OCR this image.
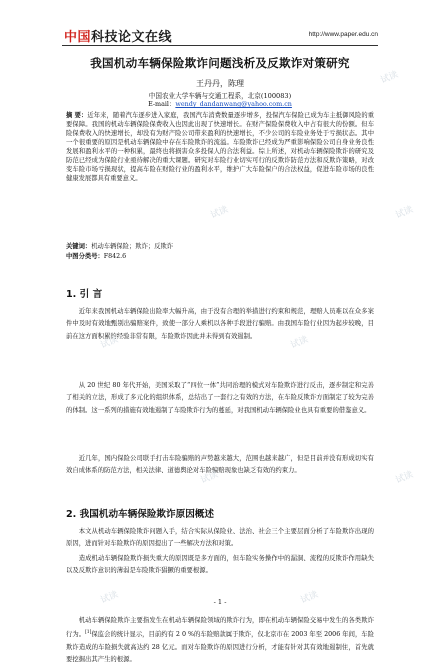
中国科技论文在线	http://www.paper.edu.cn
我国机动车辆保险欺诈问题浅析及反欺诈对策研究
王丹丹，陈理
中国农业大学车辆与交通工程系，北京(100083)
E-mail：wendy_dandanwang@yahoo.com.cn
摘 要：近年来，随着汽车逐步进入家庭，我国汽车消费数量逐步增多，投保汽车保险已成为车主抵御风险的重要保障。我国的机动车辆保险保费收入也因此出现了快速增长。在财产保险保费收入中占有很大的份额。但车险保费收入的快速增长，却没有为财产险公司带来盈利的快速增长，不少公司的车险业务处于亏损状态。其中一个很重要的原因是机动车辆保险中存在车险欺诈的流溢。车险欺诈已经成为严重影响保险公司自身业务良性发展和盈利水平的一种积累，最终也将损害众多投保人的合法利益。综上所述，对机动车辆保险欺诈的研究及防范已经成为保险行业亟待解决的重大课题。研究对车险行业切实可行的反欺诈防范方法和反欺诈策略，对改变车险市场亏损现状，提高车险在财险行业的盈利水平，维护广大车险保户的合法权益，促进车险市场的良性健康发展都具有重要意义。
关键词：机动车辆保险；欺诈；反欺诈
中图分类号：F842.6
1. 引 言
近年来我国机动车辆保险出险率大幅升高，由于没有合理的举措进行约束和规范，理赔人员难以在众多案件中及时有效地甄别出骗赔案件，致使一部分人乘机以各种手段进行骗赔。由我国车险行业因为起步较晚，目前在这方面积累的经验非常有限，车险欺诈因此并未得到有效遏制。
从 20 世纪 80 年代开始，美国采取了“四位一体”共同治理的模式对车险欺诈进行反击，逐步制定和完善了相关的立法，形成了多元化的组织体系，总结出了一套行之有效的方法，在车险反欺诈方面制定了较为完善的体制。这一系列的措施有效地遏制了车险欺诈行为的蔓延，对我国机动车辆保险业也具有重要的借鉴意义。
近几年，国内保险公司联手打击车险骗赔的声势越来越大，范围也越来越广，但是目前并没有形成切实有效自成体系的防范方法，相关法律、道德舆论对车险骗赔现象也缺乏有效的约束力。
本文从机动车辆保险欺诈问题入手，结合实际从保险业、法治、社会三个主要层面分析了车险欺诈出现的原因，进而针对车险欺诈的原因提出了一些解决方法和对策。
2. 我国机动车辆保险欺诈原因概述
机动车辆保险欺诈主要指发生在机动车辆保险领域的欺诈行为，即在机动车辆保险交易中发生的各类欺诈行为。[1]保监会的统计显示，目前约有 2 0 %的车险赔款属于欺诈，仅北京市在 2003 年至 2006 年间，车险欺诈造成的车险损失就高达约 28 亿元。而对车险欺诈的原因进行分析，才能有针对其有效地遏制住，首先就要挖掘出其产生的根源。
造成机动车辆保险欺诈损失重大的原因既是多方面的，但车险实务操作中的漏洞、流程的反欺诈作用缺失以及反欺诈意识的薄弱是车险欺诈猖獗的重要根源。
- 1 -
试读
试读	试读
试读	试读
试读	试读
试读	试读
